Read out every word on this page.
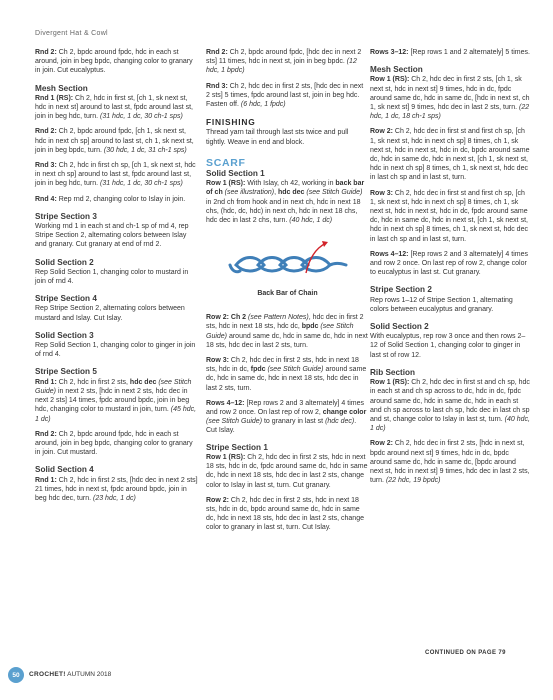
Divergent Hat & Cowl
Rnd 2: Ch 2, bpdc around fpdc, hdc in each st around, join in beg bpdc, changing color to granary in join. Cut eucalyptus.
Mesh Section
Rnd 1 (RS): Ch 2, hdc in first st, [ch 1, sk next st, hdc in next st] around to last st, fpdc around last st, join in beg hdc, turn. (31 hdc, 1 dc, 30 ch-1 sps)
Rnd 2: Ch 2, bpdc around fpdc, [ch 1, sk next st, hdc in next ch sp] around to last st, ch 1, sk next st, join in beg bpdc, turn. (30 hdc, 1 dc, 31 ch-1 sps)
Rnd 3: Ch 2, hdc in first ch sp, [ch 1, sk next st, hdc in next ch sp] around to last st, fpdc around last st, join in beg hdc, turn. (31 hdc, 1 dc, 30 ch-1 sps)
Rnd 4: Rep rnd 2, changing color to Islay in join.
Stripe Section 3
Working rnd 1 in each st and ch-1 sp of rnd 4, rep Stripe Section 2, alternating colors between Islay and granary. Cut granary at end of rnd 2.
Solid Section 2
Rep Solid Section 1, changing color to mustard in join of rnd 4.
Stripe Section 4
Rep Stripe Section 2, alternating colors between mustard and Islay. Cut Islay.
Solid Section 3
Rep Solid Section 1, changing color to ginger in join of rnd 4.
Stripe Section 5
Rnd 1: Ch 2, hdc in first 2 sts, hdc dec (see Stitch Guide) in next 2 sts, [hdc in next 2 sts, hdc dec in next 2 sts] 14 times, fpdc around bpdc, join in beg hdc, changing color to mustard in join, turn. (45 hdc, 1 dc)
Rnd 2: Ch 2, bpdc around fpdc, hdc in each st around, join in beg bpdc, changing color to granary in join. Cut mustard.
Solid Section 4
Rnd 1: Ch 2, hdc in first 2 sts, [hdc dec in next 2 sts] 21 times, hdc in next st, fpdc around bpdc, join in beg hdc dec, turn. (23 hdc, 1 dc)
Rnd 2: Ch 2, bpdc around fpdc, [hdc dec in next 2 sts] 11 times, hdc in next st, join in beg bpdc. (12 hdc, 1 bpdc)
Rnd 3: Ch 2, hdc dec in first 2 sts, [hdc dec in next 2 sts] 5 times, fpdc around last st, join in beg hdc. Fasten off. (6 hdc, 1 fpdc)
FINISHING
Thread yarn tail through last sts twice and pull tightly. Weave in end and block.
SCARF
Solid Section 1
Row 1 (RS): With Islay, ch 42, working in back bar of ch (see illustration), hdc dec (see Stitch Guide) in 2nd ch from hook and in next ch, hdc in next 18 chs, (hdc, dc, hdc) in next ch, hdc in next 18 chs, hdc dec in last 2 chs, turn. (40 hdc, 1 dc)
Back Bar of Chain
Row 2: Ch 2 (see Pattern Notes), hdc dec in first 2 sts, hdc in next 18 sts, hdc dc, bpdc (see Stitch Guide) around same dc, hdc in same dc, hdc in next 18 sts, hdc dec in last 2 sts, turn.
Row 3: Ch 2, hdc dec in first 2 sts, hdc in next 18 sts, hdc in dc, fpdc (see Stitch Guide) around same dc, hdc in same dc, hdc in next 18 sts, hdc dec in last 2 sts, turn.
Rows 4–12: [Rep rows 2 and 3 alternately] 4 times and row 2 once. On last rep of row 2, change color (see Stitch Guide) to granary in last st (hdc dec). Cut Islay.
Stripe Section 1
Row 1 (RS): Ch 2, hdc dec in first 2 sts, hdc in next 18 sts, hdc in dc, fpdc around same dc, hdc in same dc, hdc in next 18 sts, hdc dec in last 2 sts, change color to Islay in last st, turn. Cut granary.
Row 2: Ch 2, hdc dec in first 2 sts, hdc in next 18 sts, hdc in dc, bpdc around same dc, hdc in same dc, hdc in next 18 sts, hdc dec in last 2 sts, change color to granary in last st, turn. Cut Islay.
Rows 3–12: [Rep rows 1 and 2 alternately] 5 times.
Mesh Section
Row 1 (RS): Ch 2, hdc dec in first 2 sts, [ch 1, sk next st, hdc in next st] 9 times, hdc in dc, fpdc around same dc, hdc in same dc, [hdc in next st, ch 1, sk next st] 9 times, hdc dec in last 2 sts, turn. (22 hdc, 1 dc, 18 ch-1 sps)
Row 2: Ch 2, hdc dec in first st and first ch sp, [ch 1, sk next st, hdc in next ch sp] 8 times, ch 1, sk next st, hdc in next st, hdc in dc, bpdc around same dc, hdc in same dc, hdc in next st, [ch 1, sk next st, hdc in next ch sp] 8 times, ch 1, sk next st, hdc dec in last ch sp and in last st, turn.
Row 3: Ch 2, hdc dec in first st and first ch sp, [ch 1, sk next st, hdc in next ch sp] 8 times, ch 1, sk next st, hdc in next st, hdc in dc, fpdc around same dc, hdc in same dc, hdc in next st, [ch 1, sk next st, hdc in next ch sp] 8 times, ch 1, sk next st, hdc dec in last ch sp and in last st, turn.
Rows 4–12: [Rep rows 2 and 3 alternately] 4 times and row 2 once. On last rep of row 2, change color to eucalyptus in last st. Cut granary.
Stripe Section 2
Rep rows 1–12 of Stripe Section 1, alternating colors between eucalyptus and granary.
Solid Section 2
With eucalyptus, rep row 3 once and then rows 2–12 of Solid Section 1, changing color to ginger in last st of row 12.
Rib Section
Row 1 (RS): Ch 2, hdc dec in first st and ch sp, hdc in each st and ch sp across to dc, hdc in dc, fpdc around same dc, hdc in same dc, hdc in each st and ch sp across to last ch sp, hdc dec in last ch sp and st, change color to Islay in last st, turn. (40 hdc, 1 dc)
Row 2: Ch 2, hdc dec in first 2 sts, [hdc in next st, bpdc around next st] 9 times, hdc in dc, bpdc around same dc, hdc in same dc, [bpdc around next st, hdc in next st] 9 times, hdc dec in last 2 sts, turn. (22 hdc, 19 bpdc)
CONTINUED ON PAGE 79
50	CROCHET! AUTUMN 2018
